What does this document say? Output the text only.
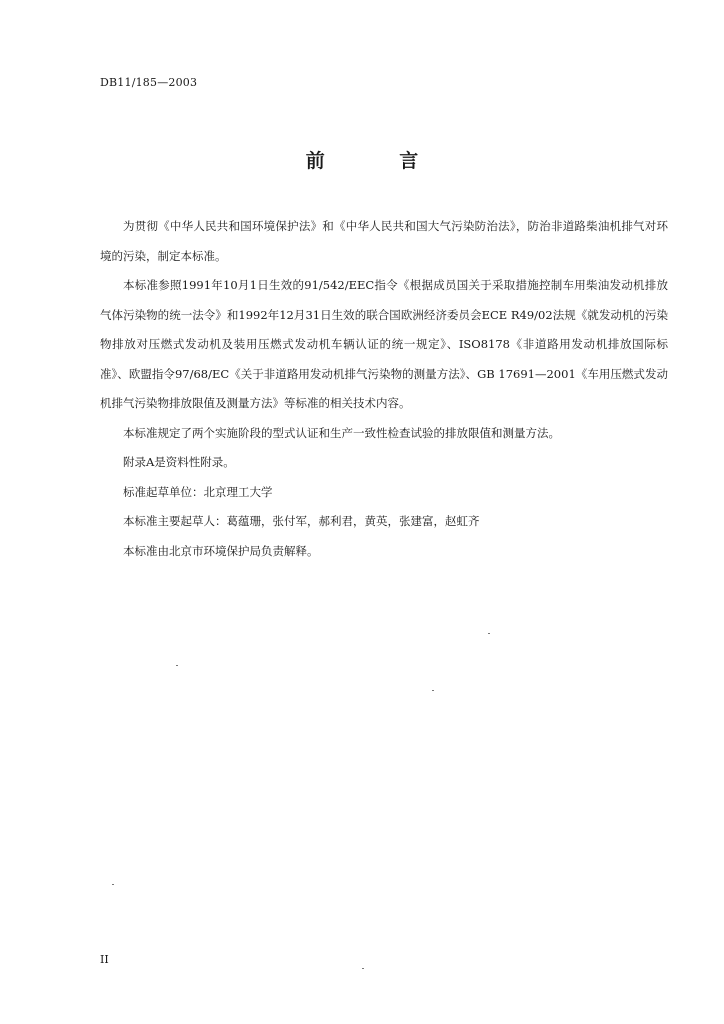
DB11/185—2003
前 言

为贯彻《中华人民共和国环境保护法》和《中华人民共和国大气污染防治法》，防治非道路柴油机排气对环境的污染，制定本标准。

本标准参照1991年10月1日生效的91/542/EEC指令《根据成员国关于采取措施控制车用柴油发动机排放气体污染物的统一法令》和1992年12月31日生效的联合国欧洲经济委员会ECE R49/02法规《就发动机的污染物排放对压燃式发动机及装用压燃式发动机车辆认证的统一规定》、ISO8178《非道路用发动机排放国际标准》、欧盟指令97/68/EC《关于非道路用发动机排气污染物的测量方法》、GB 17691—2001《车用压燃式发动机排气污染物排放限值及测量方法》等标准的相关技术内容。

本标准规定了两个实施阶段的型式认证和生产一致性检查试验的排放限值和测量方法。

附录A是资料性附录。

标准起草单位：北京理工大学

本标准主要起草人：葛蕴珊，张付军，郝利君，黄英，张建富，赵虹齐

本标准由北京市环境保护局负责解释。

II
